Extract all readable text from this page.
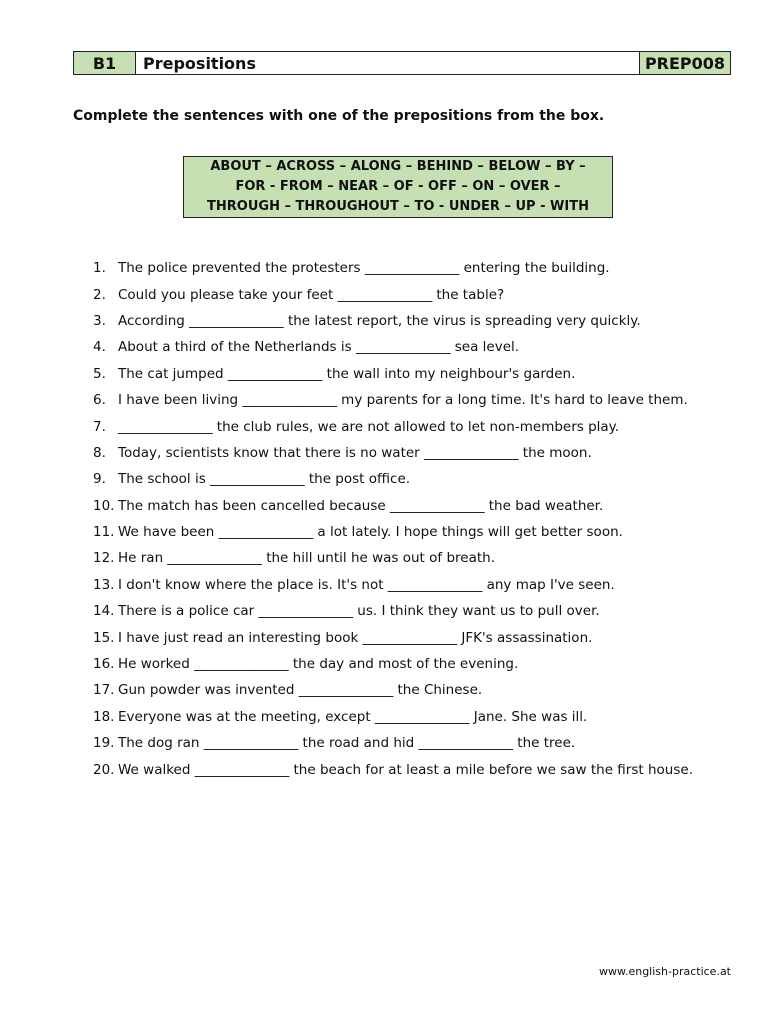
B1	Prepositions	PREP008

Complete the sentences with one of the prepositions from the box.

ABOUT – ACROSS – ALONG – BEHIND – BELOW – BY –
FOR - FROM – NEAR – OF - OFF – ON – OVER –
THROUGH – THROUGHOUT – TO - UNDER – UP - WITH
1. The police prevented the protesters ______________ entering the building.
2. Could you please take your feet ______________ the table?
3. According ______________ the latest report, the virus is spreading very quickly.
4. About a third of the Netherlands is ______________ sea level.
5. The cat jumped ______________ the wall into my neighbour's garden.
6. I have been living ______________ my parents for a long time. It's hard to leave them.
7. ______________ the club rules, we are not allowed to let non-members play.
8. Today, scientists know that there is no water ______________ the moon.
9. The school is ______________ the post office.
10. The match has been cancelled because ______________ the bad weather.
11. We have been ______________ a lot lately. I hope things will get better soon.
12. He ran ______________ the hill until he was out of breath.
13. I don't know where the place is. It's not ______________ any map I've seen.
14. There is a police car ______________ us. I think they want us to pull over.
15. I have just read an interesting book ______________ JFK's assassination.
16. He worked ______________ the day and most of the evening.
17. Gun powder was invented ______________ the Chinese.
18. Everyone was at the meeting, except ______________ Jane. She was ill.
19. The dog ran ______________ the road and hid ______________ the tree.
20. We walked ______________ the beach for at least a mile before we saw the first house.
www.english-practice.at
